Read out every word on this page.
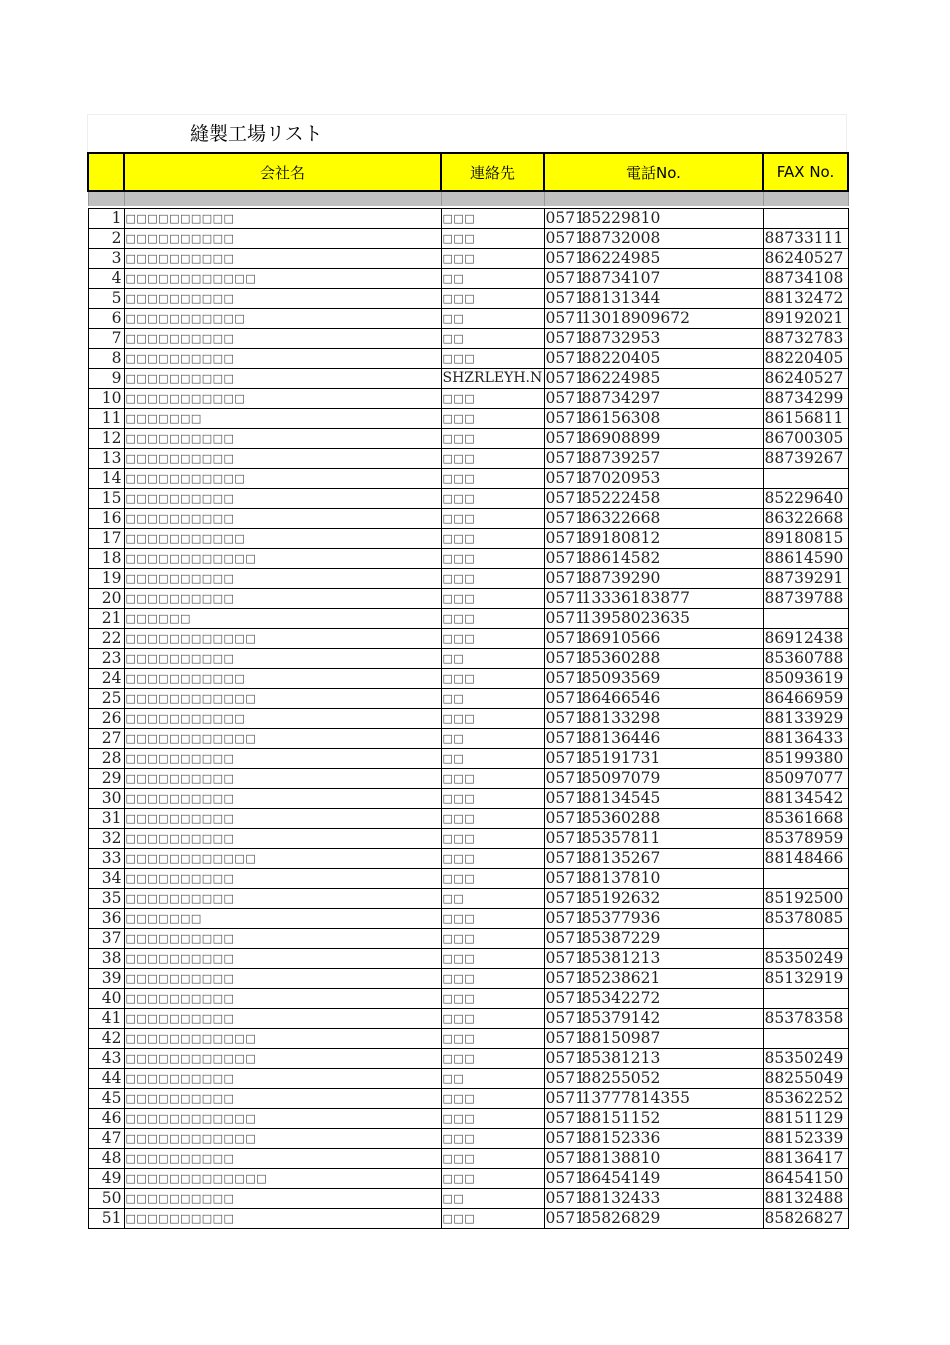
縫製工場リスト
	会社名	連絡先	電話No.	FAX No.

1	□□□□□□□□□□	□□□	057185229810	
2	□□□□□□□□□□	□□□	057188732008	88733111
3	□□□□□□□□□□	□□□	057186224985	86240527
4	□□□□□□□□□□□□	□□	057188734107	88734108
5	□□□□□□□□□□	□□□	057188131344	88132472
6	□□□□□□□□□□□	□□	057113018909672	89192021
7	□□□□□□□□□□	□□	057188732953	88732783
8	□□□□□□□□□□	□□□	057188220405	88220405
9	□□□□□□□□□□	SHZRLEYH.N	057186224985	86240527
10	□□□□□□□□□□□	□□□	057188734297	88734299
11	□□□□□□□	□□□	057186156308	86156811
12	□□□□□□□□□□	□□□	057186908899	86700305
13	□□□□□□□□□□	□□□	057188739257	88739267
14	□□□□□□□□□□□	□□□	057187020953	
15	□□□□□□□□□□	□□□	057185222458	85229640
16	□□□□□□□□□□	□□□	057186322668	86322668
17	□□□□□□□□□□□	□□□	057189180812	89180815
18	□□□□□□□□□□□□	□□□	057188614582	88614590
19	□□□□□□□□□□	□□□	057188739290	88739291
20	□□□□□□□□□□	□□□	057113336183877	88739788
21	□□□□□□	□□□	057113958023635	
22	□□□□□□□□□□□□	□□□	057186910566	86912438
23	□□□□□□□□□□	□□	057185360288	85360788
24	□□□□□□□□□□□	□□□	057185093569	85093619
25	□□□□□□□□□□□□	□□	057186466546	86466959
26	□□□□□□□□□□□	□□□	057188133298	88133929
27	□□□□□□□□□□□□	□□	057188136446	88136433
28	□□□□□□□□□□	□□	057185191731	85199380
29	□□□□□□□□□□	□□□	057185097079	85097077
30	□□□□□□□□□□	□□□	057188134545	88134542
31	□□□□□□□□□□	□□□	057185360288	85361668
32	□□□□□□□□□□	□□□	057185357811	85378959
33	□□□□□□□□□□□□	□□□	057188135267	88148466
34	□□□□□□□□□□	□□□	057188137810	
35	□□□□□□□□□□	□□	057185192632	85192500
36	□□□□□□□	□□□	057185377936	85378085
37	□□□□□□□□□□	□□□	057185387229	
38	□□□□□□□□□□	□□□	057185381213	85350249
39	□□□□□□□□□□	□□□	057185238621	85132919
40	□□□□□□□□□□	□□□	057185342272	
41	□□□□□□□□□□	□□□	057185379142	85378358
42	□□□□□□□□□□□□	□□□	057188150987	
43	□□□□□□□□□□□□	□□□	057185381213	85350249
44	□□□□□□□□□□	□□	057188255052	88255049
45	□□□□□□□□□□	□□□	057113777814355	85362252
46	□□□□□□□□□□□□	□□□	057188151152	88151129
47	□□□□□□□□□□□□	□□□	057188152336	88152339
48	□□□□□□□□□□	□□□	057188138810	88136417
49	□□□□□□□□□□□□□	□□□	057186454149	86454150
50	□□□□□□□□□□	□□	057188132433	88132488
51	□□□□□□□□□□	□□□	057185826829	85826827
